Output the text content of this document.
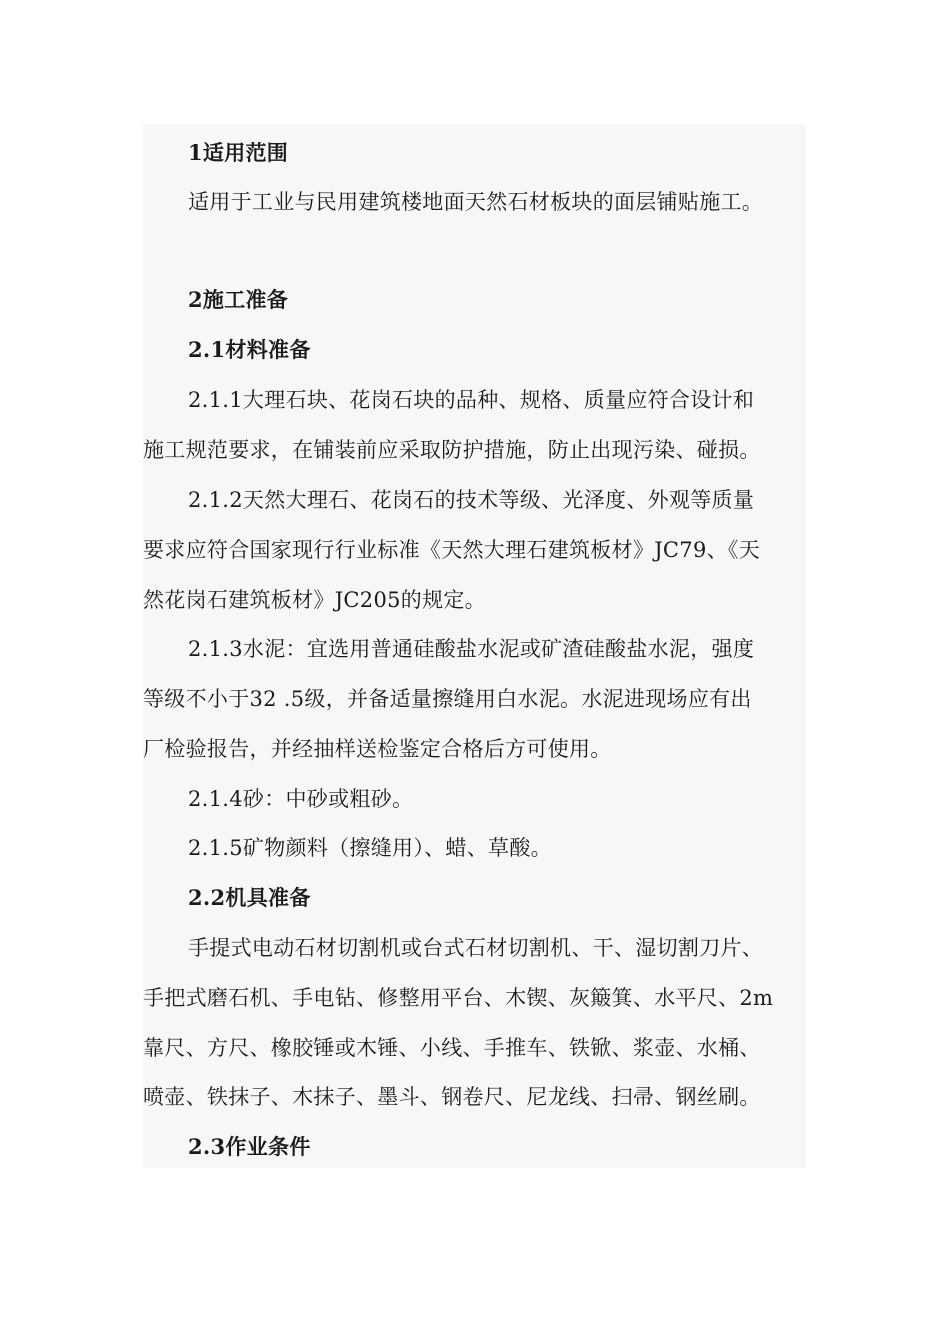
1适用范围
适用于工业与民用建筑楼地面天然石材板块的面层铺贴施工。
2施工准备
2.1材料准备
2.1.1大理石块、花岗石块的品种、规格、质量应符合设计和
施工规范要求，在铺装前应采取防护措施，防止出现污染、碰损。
2.1.2天然大理石、花岗石的技术等级、光泽度、外观等质量
要求应符合国家现行行业标准《天然大理石建筑板材》JC79、《天
然花岗石建筑板材》JC205的规定。
2.1.3水泥：宜选用普通硅酸盐水泥或矿渣硅酸盐水泥，强度
等级不小于32 .5级，并备适量擦缝用白水泥。水泥进现场应有出
厂检验报告，并经抽样送检鉴定合格后方可使用。
2.1.4砂：中砂或粗砂。
2.1.5矿物颜料（擦缝用）、蜡、草酸。
2.2机具准备
手提式电动石材切割机或台式石材切割机、干、湿切割刀片、
手把式磨石机、手电钻、修整用平台、木锲、灰簸箕、水平尺、2m
靠尺、方尺、橡胶锤或木锤、小线、手推车、铁锨、浆壶、水桶、
喷壶、铁抹子、木抹子、墨斗、钢卷尺、尼龙线、扫帚、钢丝刷。
2.3作业条件
